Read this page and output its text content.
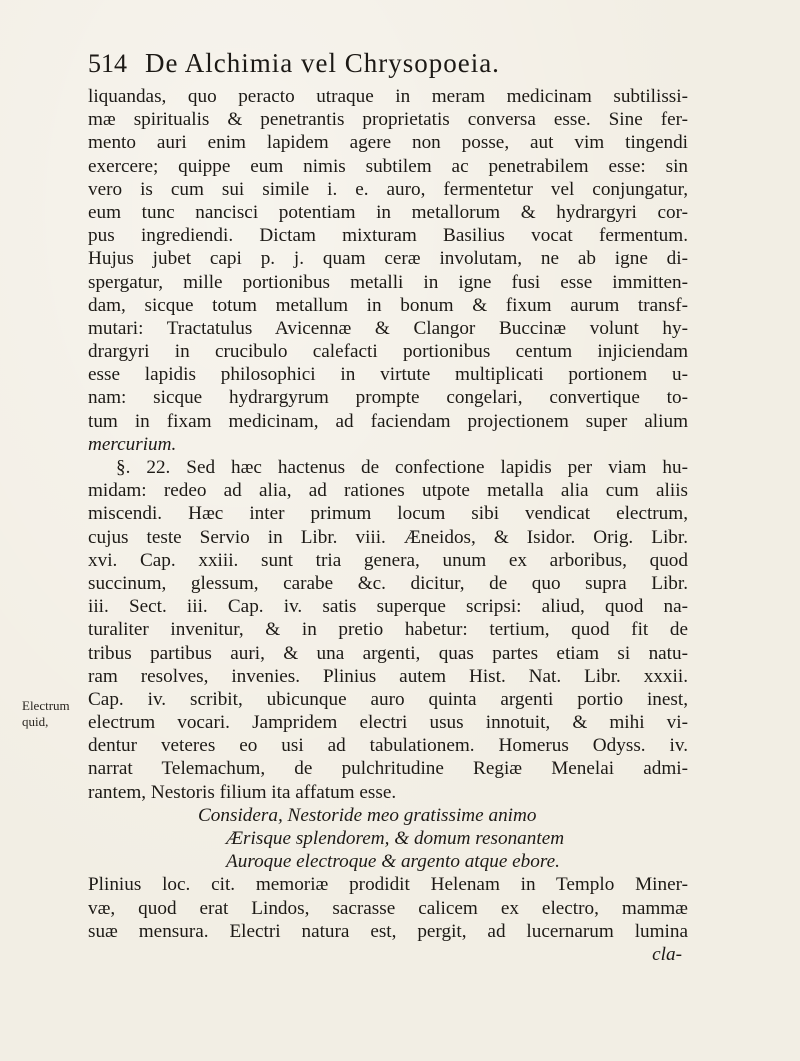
514 De Alchimia vel Chrysopoeia.
Electrum quid,
liquandas, quo peracto utraque in meram medicinam subtilissi-
mæ spiritualis & penetrantis proprietatis conversa esse. Sine fer-
mento auri enim lapidem agere non posse, aut vim tingendi
exercere; quippe eum nimis subtilem ac penetrabilem esse: sin
vero is cum sui simile i. e. auro, fermentetur vel conjungatur,
eum tunc nancisci potentiam in metallorum & hydrargyri cor-
pus ingrediendi. Dictam mixturam Basilius vocat fermentum.
Hujus jubet capi p. j. quam ceræ involutam, ne ab igne di-
spergatur, mille portionibus metalli in igne fusi esse immitten-
dam, sicque totum metallum in bonum & fixum aurum transf-
mutari: Tractatulus Avicennæ & Clangor Buccinæ volunt hy-
drargyri in crucibulo calefacti portionibus centum injiciendam
esse lapidis philosophici in virtute multiplicati portionem u-
nam: sicque hydrargyrum prompte congelari, convertique to-
tum in fixam medicinam, ad faciendam projectionem super alium
mercurium.
§. 22. Sed hæc hactenus de confectione lapidis per viam hu-
midam: redeo ad alia, ad rationes utpote metalla alia cum aliis
miscendi. Hæc inter primum locum sibi vendicat electrum,
cujus teste Servio in Libr. viii. Æneidos, & Isidor. Orig. Libr.
xvi. Cap. xxiii. sunt tria genera, unum ex arboribus, quod
succinum, glessum, carabe &c. dicitur, de quo supra Libr.
iii. Sect. iii. Cap. iv. satis superque scripsi: aliud, quod na-
turaliter invenitur, & in pretio habetur: tertium, quod fit de
tribus partibus auri, & una argenti, quas partes etiam si natu-
ram resolves, invenies. Plinius autem Hist. Nat. Libr. xxxii.
Cap. iv. scribit, ubicunque auro quinta argenti portio inest,
electrum vocari. Jampridem electri usus innotuit, & mihi vi-
dentur veteres eo usi ad tabulationem. Homerus Odyss. iv.
narrat Telemachum, de pulchritudine Regiæ Menelai admi-
rantem, Nestoris filium ita affatum esse.
Considera, Nestoride meo gratissime animo
Ærisque splendorem, & domum resonantem
Auroque electroque & argento atque ebore.
Plinius loc. cit. memoriæ prodidit Helenam in Templo Miner-
væ, quod erat Lindos, sacrasse calicem ex electro, mammæ
suæ mensura. Electri natura est, pergit, ad lucernarum lumina
cla-
